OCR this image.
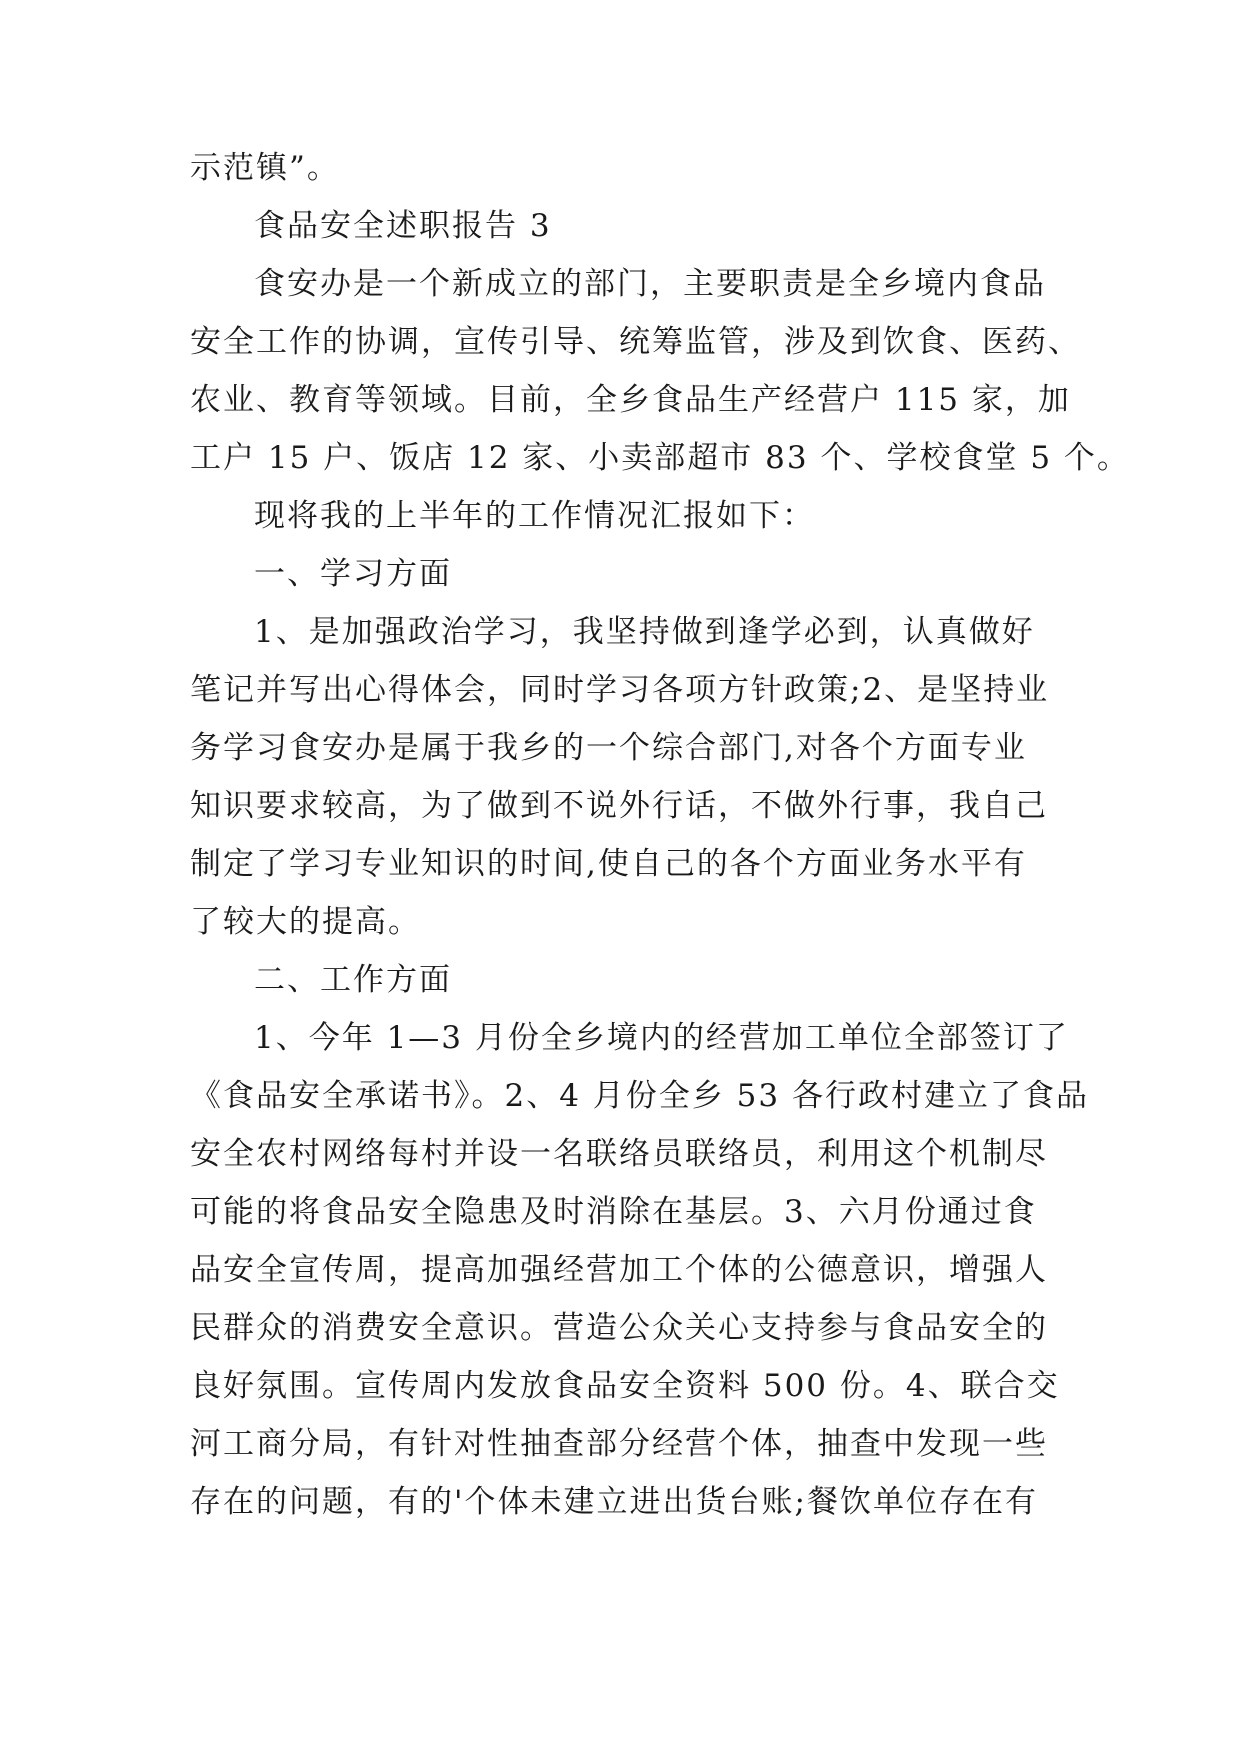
示范镇”。
食品安全述职报告 3
食安办是一个新成立的部门，主要职责是全乡境内食品
安全工作的协调，宣传引导、统筹监管，涉及到饮食、医药、
农业、教育等领域。目前，全乡食品生产经营户 115 家，加
工户 15 户、饭店 12 家、小卖部超市 83 个、学校食堂 5 个。
现将我的上半年的工作情况汇报如下：
一、学习方面
1、是加强政治学习，我坚持做到逢学必到，认真做好
笔记并写出心得体会，同时学习各项方针政策;2、是坚持业
务学习食安办是属于我乡的一个综合部门,对各个方面专业
知识要求较高，为了做到不说外行话，不做外行事，我自己
制定了学习专业知识的时间,使自己的各个方面业务水平有
了较大的提高。
二、工作方面
1、今年 1—3 月份全乡境内的经营加工单位全部签订了
《食品安全承诺书》。2、4 月份全乡 53 各行政村建立了食品
安全农村网络每村并设一名联络员联络员，利用这个机制尽
可能的将食品安全隐患及时消除在基层。3、六月份通过食
品安全宣传周，提高加强经营加工个体的公德意识，增强人
民群众的消费安全意识。营造公众关心支持参与食品安全的
良好氛围。宣传周内发放食品安全资料 500 份。4、联合交
河工商分局，有针对性抽查部分经营个体，抽查中发现一些
存在的问题，有的'个体未建立进出货台账;餐饮单位存在有
